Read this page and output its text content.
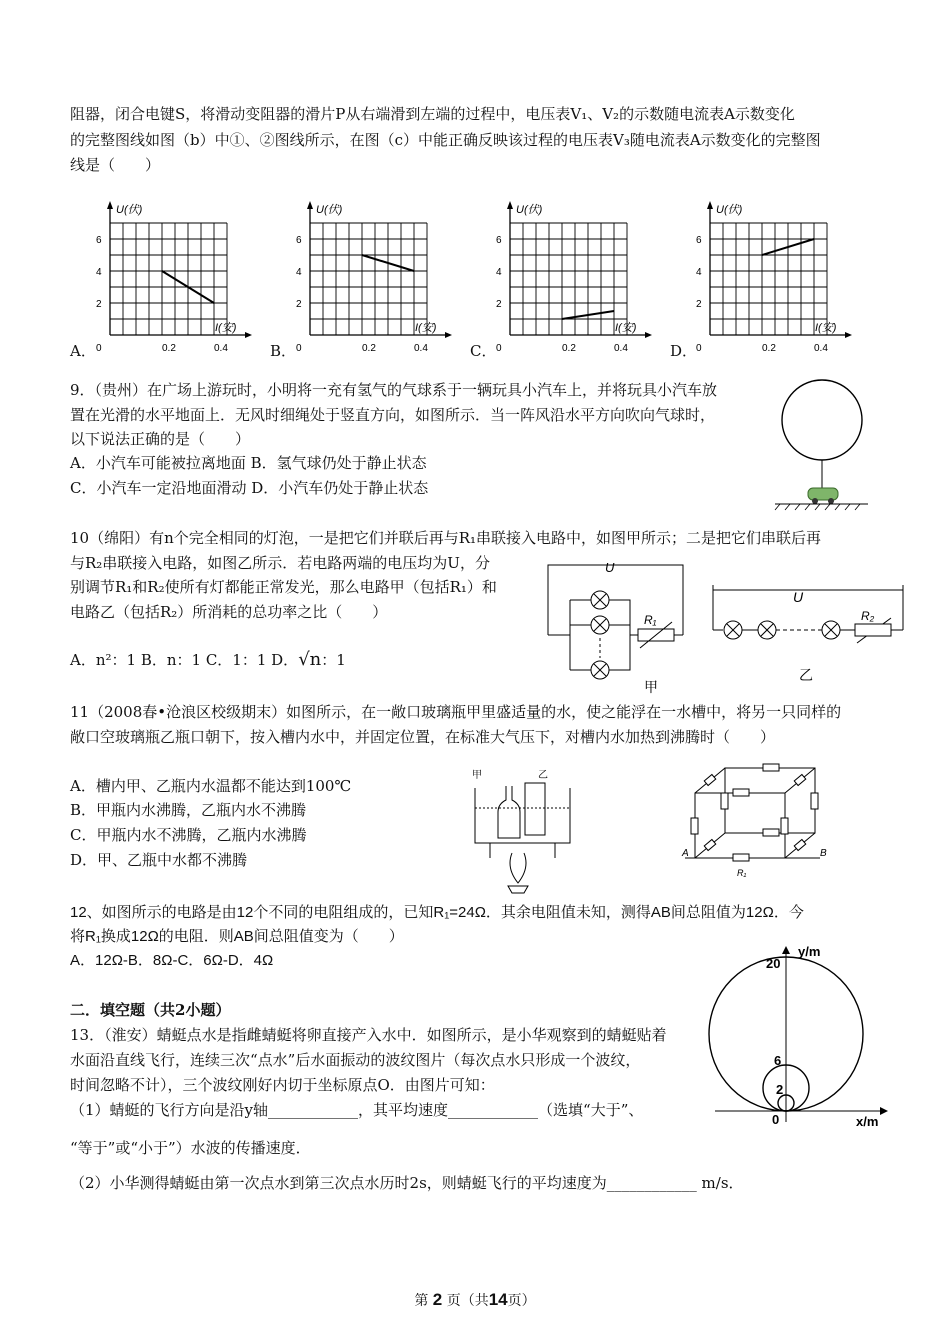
阻器，闭合电键S，将滑动变阻器的滑片P从右端滑到左端的过程中，电压表V₁、V₂的示数随电流表A示数变化
的完整图线如图（b）中①、②图线所示，在图（c）中能正确反映该过程的电压表V₃随电流表A示数变化的完整图
线是（　　）
A．
U(伏)
I(安)
6
4
2
0	0.2	0.4	B．
U(伏)
I(安)
6
4
2
0	0.2	0.4	C．
U(伏)
I(安)
6
4
2
0	0.2	0.4	D．
U(伏)
I(安)
6
4
2
0	0.2	0.4
9．（贵州）在广场上游玩时，小明将一充有氢气的气球系于一辆玩具小汽车上，并将玩具小汽车放
置在光滑的水平地面上．无风时细绳处于竖直方向，如图所示．当一阵风沿水平方向吹向气球时，
以下说法正确的是（　　）
A．小汽车可能被拉离地面 B．氢气球仍处于静止状态
C．小汽车一定沿地面滑动 D．小汽车仍处于静止状态
10（绵阳）有n个完全相同的灯泡，一是把它们并联后再与R₁串联接入电路中，如图甲所示；二是把它们串联后再
与R₂串联接入电路，如图乙所示．若电路两端的电压均为U，分
别调节R₁和R₂使所有灯都能正常发光，那么电路甲（包括R₁）和
电路乙（包括R₂）所消耗的总功率之比（　　）
A．n²：1 B．n：1 C．1：1 D．√n：1
U
R₁
甲
U
R₂
乙
11（2008春•沧浪区校级期末）如图所示，在一敞口玻璃瓶甲里盛适量的水，使之能浮在一水槽中，将另一只同样的
敞口空玻璃瓶乙瓶口朝下，按入槽内水中，并固定位置，在标准大气压下，对槽内水加热到沸腾时（　　）
A．槽内甲、乙瓶内水温都不能达到100℃
B．甲瓶内水沸腾，乙瓶内水不沸腾
C．甲瓶内水不沸腾，乙瓶内水沸腾
D．甲、乙瓶中水都不沸腾
甲	乙
A	B
R₁
12、如图所示的电路是由12个不同的电阻组成的，已知R₁=24Ω．其余电阻值未知，测得AB间总阻值为12Ω．今
将R₁换成12Ω的电阻．则AB间总阻值变为（　　）
A．12Ω-B．8Ω-C．6Ω-D．4Ω
二．填空题（共2小题）
13．（淮安）蜻蜓点水是指雌蜻蜓将卵直接产入水中．如图所示，是小华观察到的蜻蜓贴着
水面沿直线飞行，连续三次“点水”后水面振动的波纹图片（每次点水只形成一个波纹，
时间忽略不计），三个波纹刚好内切于坐标原点O．由图片可知：
（1）蜻蜓的飞行方向是沿y轴____________，其平均速度____________（选填“大于”、
“等于”或“小于”）水波的传播速度．
（2）小华测得蜻蜓由第一次点水到第三次点水历时2s，则蜻蜓飞行的平均速度为____________ m/s．
y/m
x/m
20
6
2
0
第 2 页（共14页）
